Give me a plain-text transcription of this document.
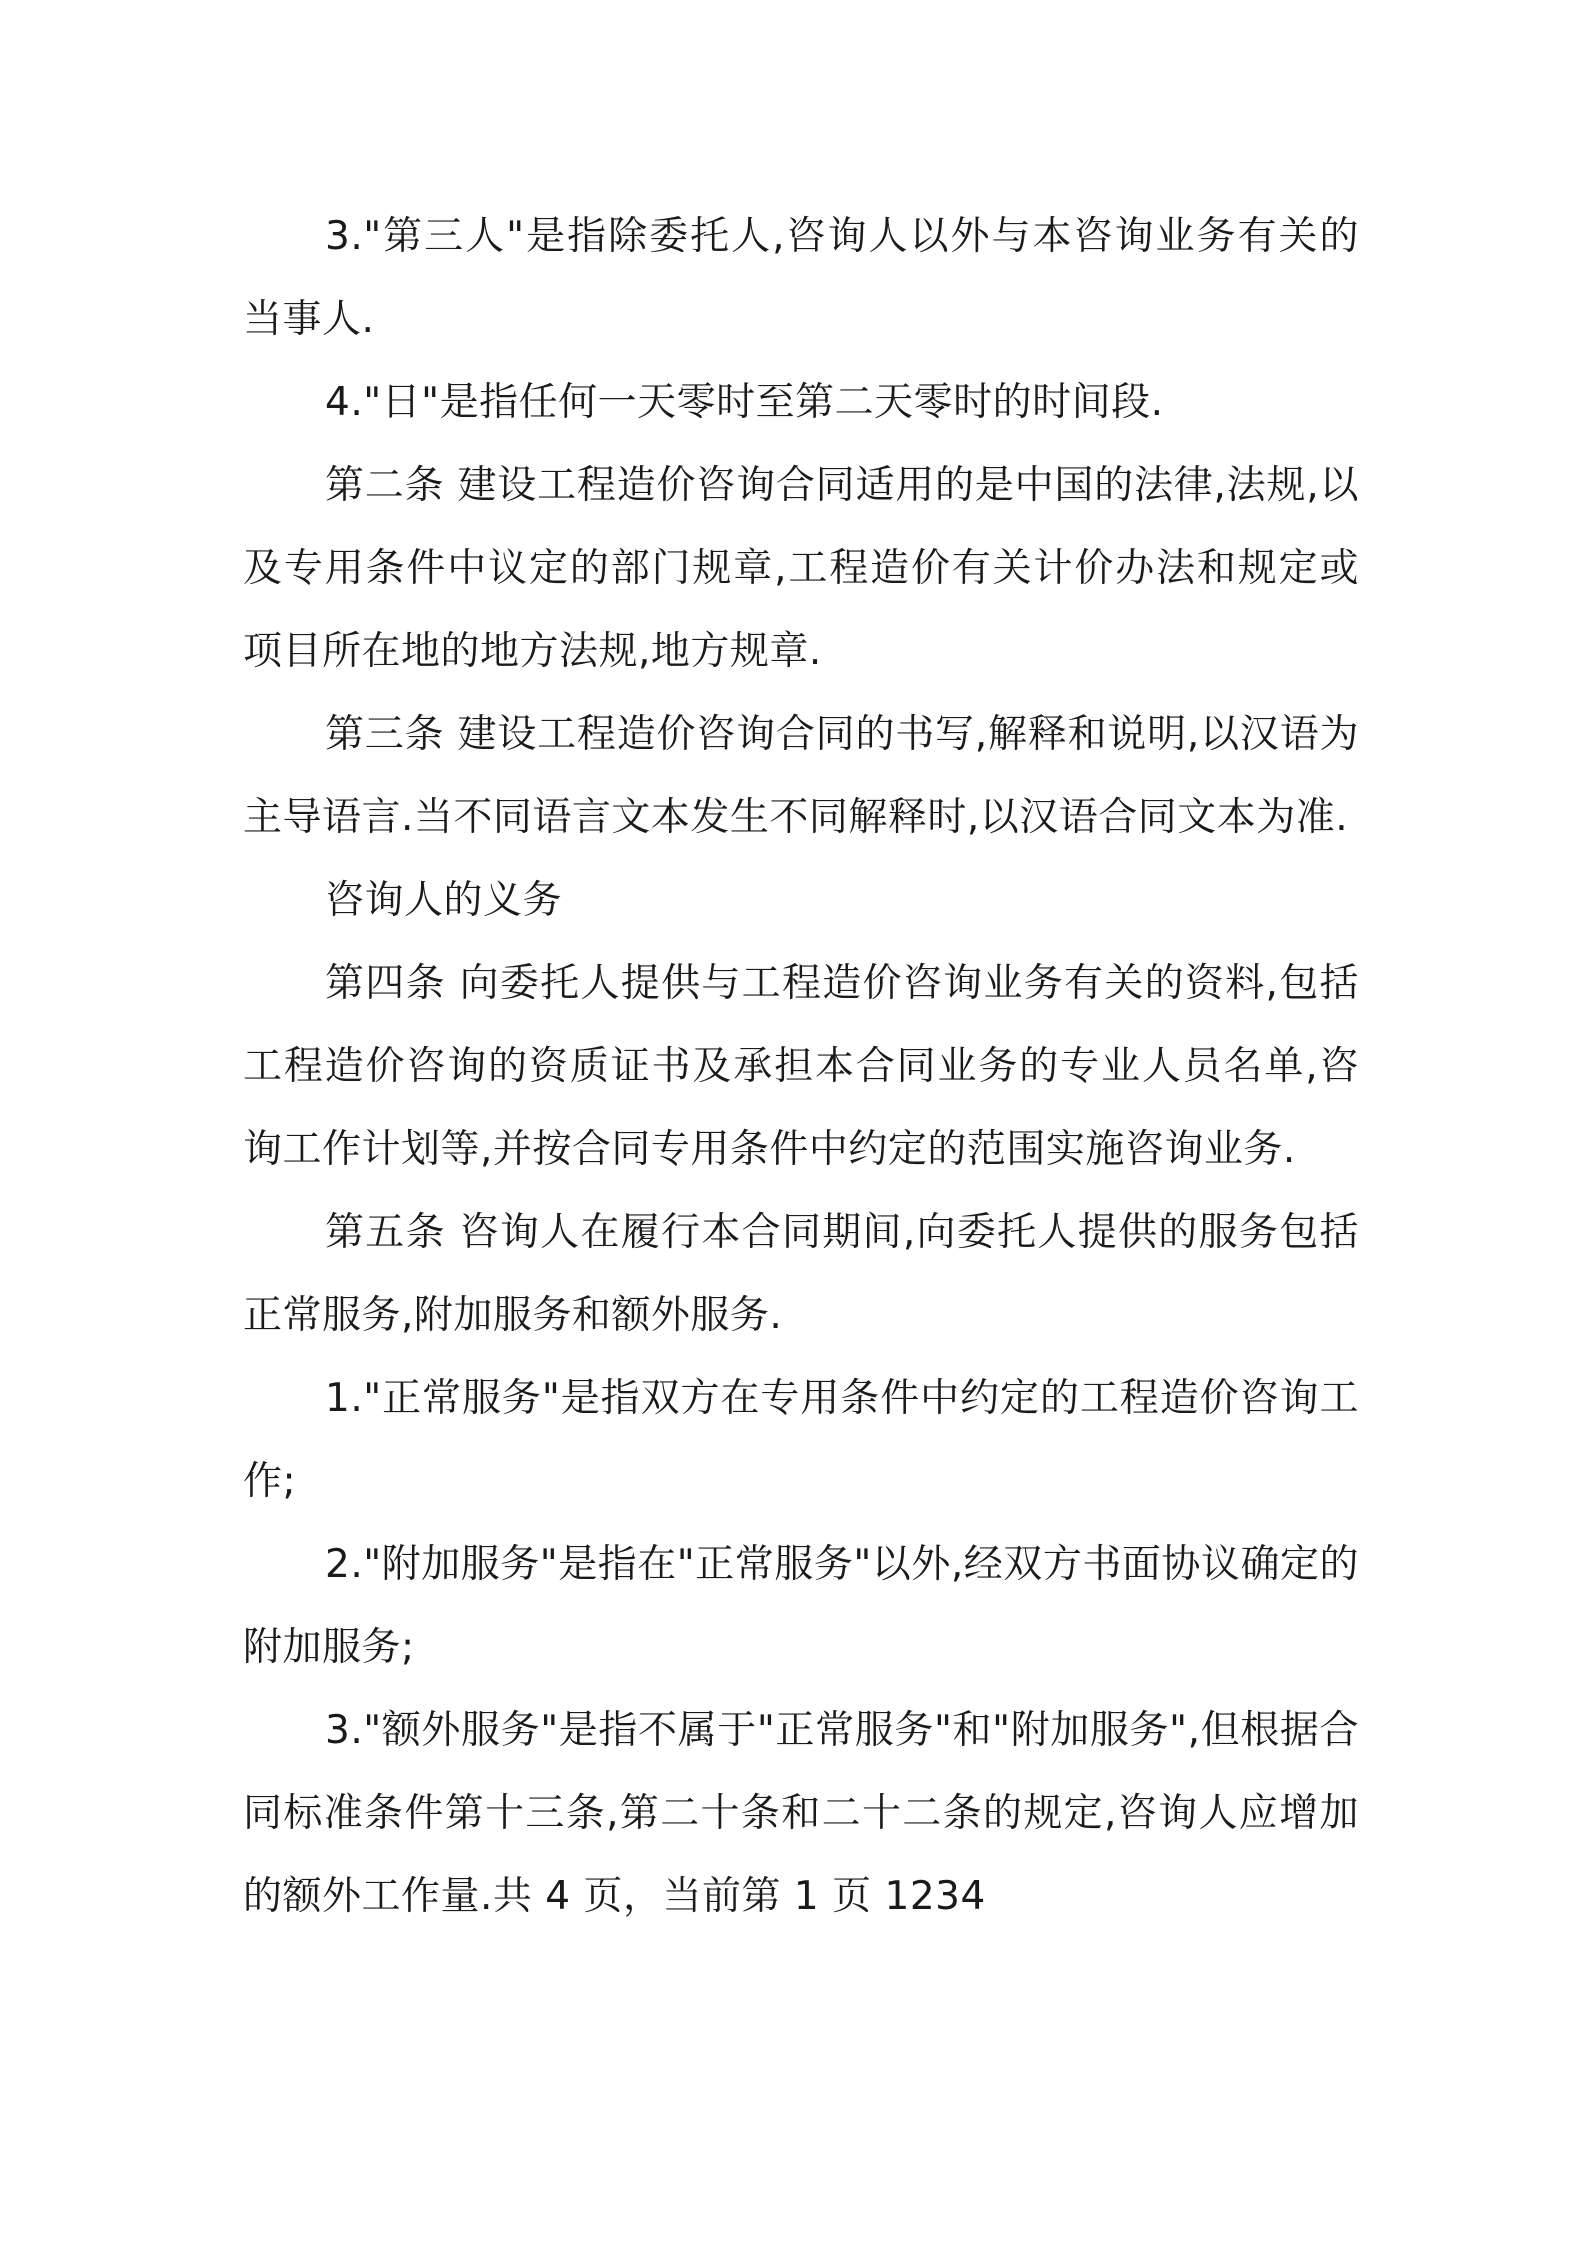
3."第三人"是指除委托人,咨询人以外与本咨询业务有关的当事人.

4."日"是指任何一天零时至第二天零时的时间段.

第二条 建设工程造价咨询合同适用的是中国的法律,法规,以及专用条件中议定的部门规章,工程造价有关计价办法和规定或项目所在地的地方法规,地方规章.

第三条 建设工程造价咨询合同的书写,解释和说明,以汉语为主导语言.当不同语言文本发生不同解释时,以汉语合同文本为准.

咨询人的义务

第四条 向委托人提供与工程造价咨询业务有关的资料,包括工程造价咨询的资质证书及承担本合同业务的专业人员名单,咨询工作计划等,并按合同专用条件中约定的范围实施咨询业务.

第五条 咨询人在履行本合同期间,向委托人提供的服务包括正常服务,附加服务和额外服务.

1."正常服务"是指双方在专用条件中约定的工程造价咨询工作;

2."附加服务"是指在"正常服务"以外,经双方书面协议确定的附加服务;

3."额外服务"是指不属于"正常服务"和"附加服务",但根据合同标准条件第十三条,第二十条和二十二条的规定,咨询人应增加的额外工作量.共 4 页，当前第 1 页 1234
